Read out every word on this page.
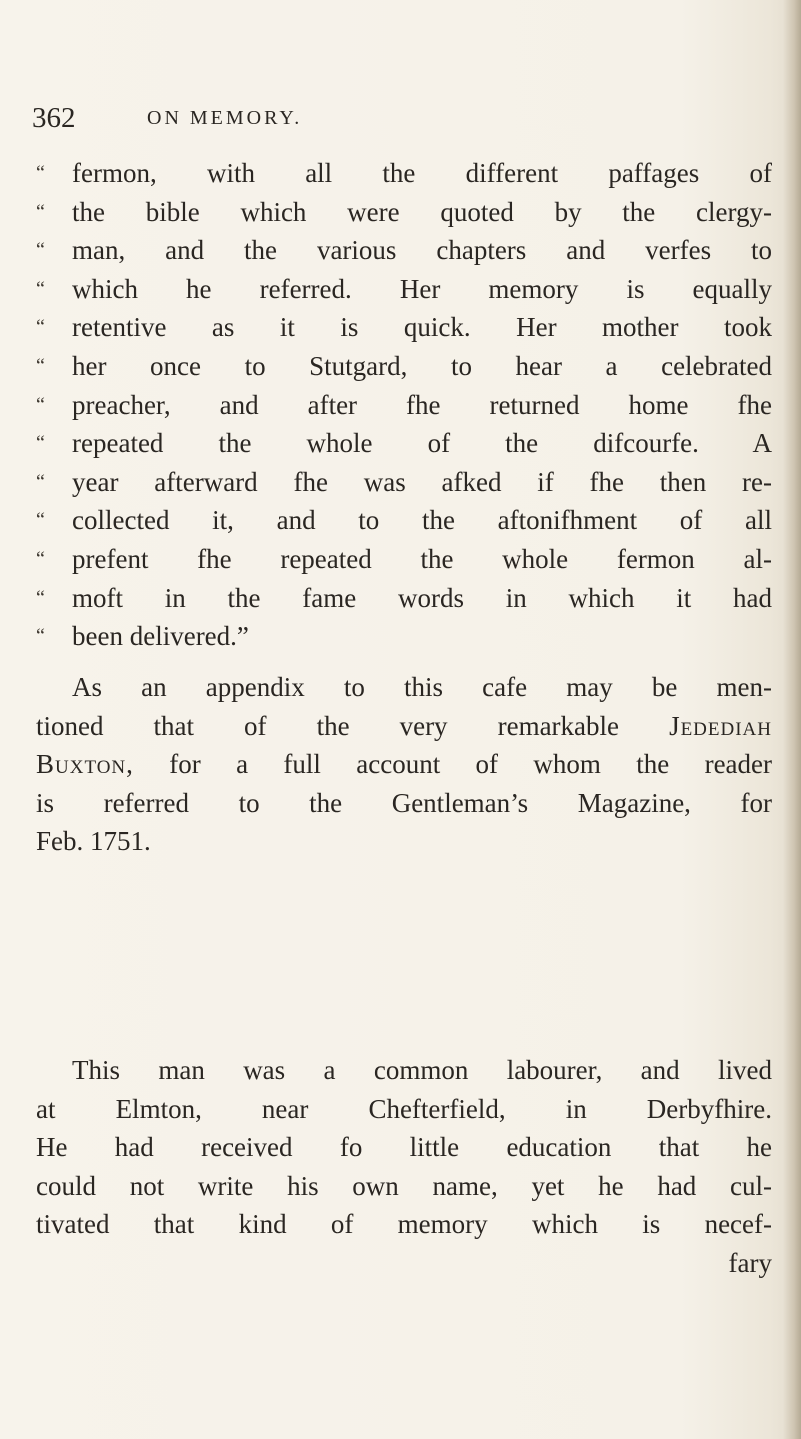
362	ON MEMORY.
“ fermon, with all the different paffages of
“ the bible which were quoted by the clergy-
“ man, and the various chapters and verfes to
“ which he referred. Her memory is equally
“ retentive as it is quick. Her mother took
“ her once to Stutgard, to hear a celebrated
“ preacher, and after fhe returned home fhe
“ repeated the whole of the difcourfe. A
“ year afterward fhe was afked if fhe then re-
“ collected it, and to the aftonifhment of all
“ prefent fhe repeated the whole fermon al-
“ moft in the fame words in which it had
“ been delivered.”
As an appendix to this cafe may be men-
tioned that of the very remarkable Jedediah
Buxton, for a full account of whom the reader
is referred to the Gentleman’s Magazine, for
Feb. 1751.
This man was a common labourer, and lived
at Elmton, near Chefterfield, in Derbyfhire.
He had received fo little education that he
could not write his own name, yet he had cul-
tivated that kind of memory which is necef-
fary
